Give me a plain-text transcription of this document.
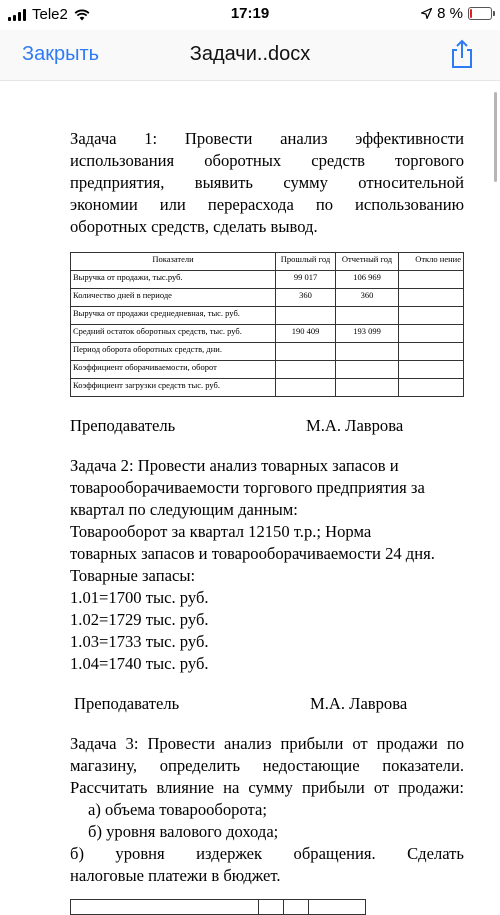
Tele2	17:19	8 %
Закрыть	Задачи..docx
Задача 1: Провести анализ эффективности
использования оборотных средств торгового
предприятия, выявить сумму относительной
экономии или перерасхода по использованию
оборотных средств, сделать вывод.
Показатели	Прошлый год	Отчетный год	Откло нение
Выручка от продажи, тыс.руб.	99 017	106 969	
Количество дней в периоде	360	360	
Выручка от продажи среднедневная, тыс. руб.			
Средний остаток оборотных средств, тыс. руб.	190 409	193 099	
Период оборота оборотных средств, дни.			
Коэффициент оборачиваемости, оборот			
Коэффициент загрузки средств тыс. руб.			
Преподаватель	М.А. Лаврова
Задача 2: Провести анализ товарных запасов и
товарооборачиваемости торгового предприятия за
квартал по следующим данным:
Товарооборот за квартал 12150 т.р.; Норма
товарных запасов и товарооборачиваемости 24 дня.
Товарные запасы:
1.01=1700 тыс. руб.
1.02=1729 тыс. руб.
1.03=1733 тыс. руб.
1.04=1740 тыс. руб.
Преподаватель	М.А. Лаврова
Задача 3: Провести анализ прибыли от продажи по
магазину, определить недостающие показатели.
Рассчитать влияние на сумму прибыли от продажи:
а) объема товарооборота;
б) уровня валового дохода;
б) уровня издержек обращения. Сделать
налоговые платежи в бюджет.
